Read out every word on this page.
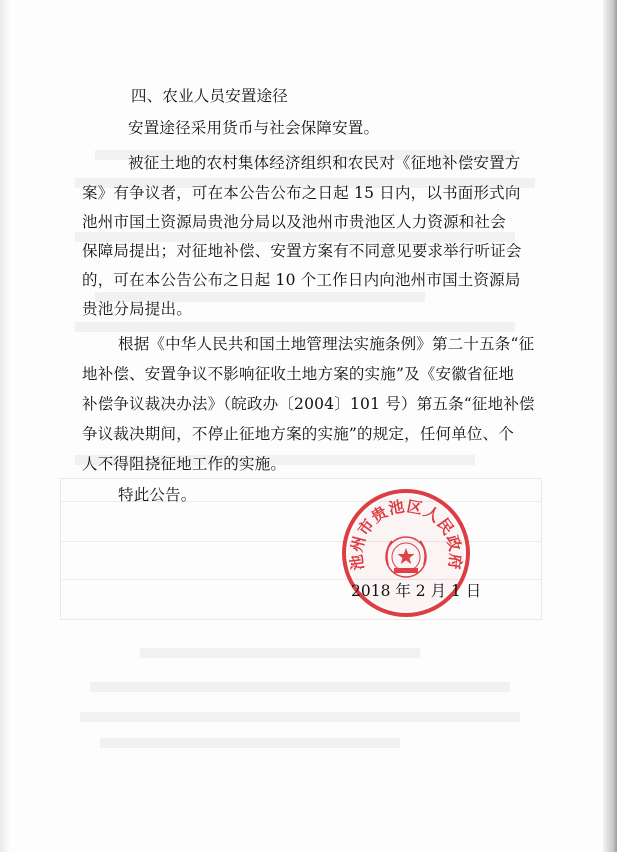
四、农业人员安置途径
安置途径采用货币与社会保障安置。
被征土地的农村集体经济组织和农民对《征地补偿安置方
案》有争议者，可在本公告公布之日起 15 日内，以书面形式向
池州市国土资源局贵池分局以及池州市贵池区人力资源和社会
保障局提出；对征地补偿、安置方案有不同意见要求举行听证会
的，可在本公告公布之日起 10 个工作日内向池州市国土资源局
贵池分局提出。
根据《中华人民共和国土地管理法实施条例》第二十五条“征
地补偿、安置争议不影响征收土地方案的实施”及《安徽省征地
补偿争议裁决办法》（皖政办〔2004〕101 号）第五条“征地补偿
争议裁决期间，不停止征地方案的实施”的规定，任何单位、个
人不得阻挠征地工作的实施。
特此公告。
池州市贵池区人民政府
2018 年 2 月 1 日
